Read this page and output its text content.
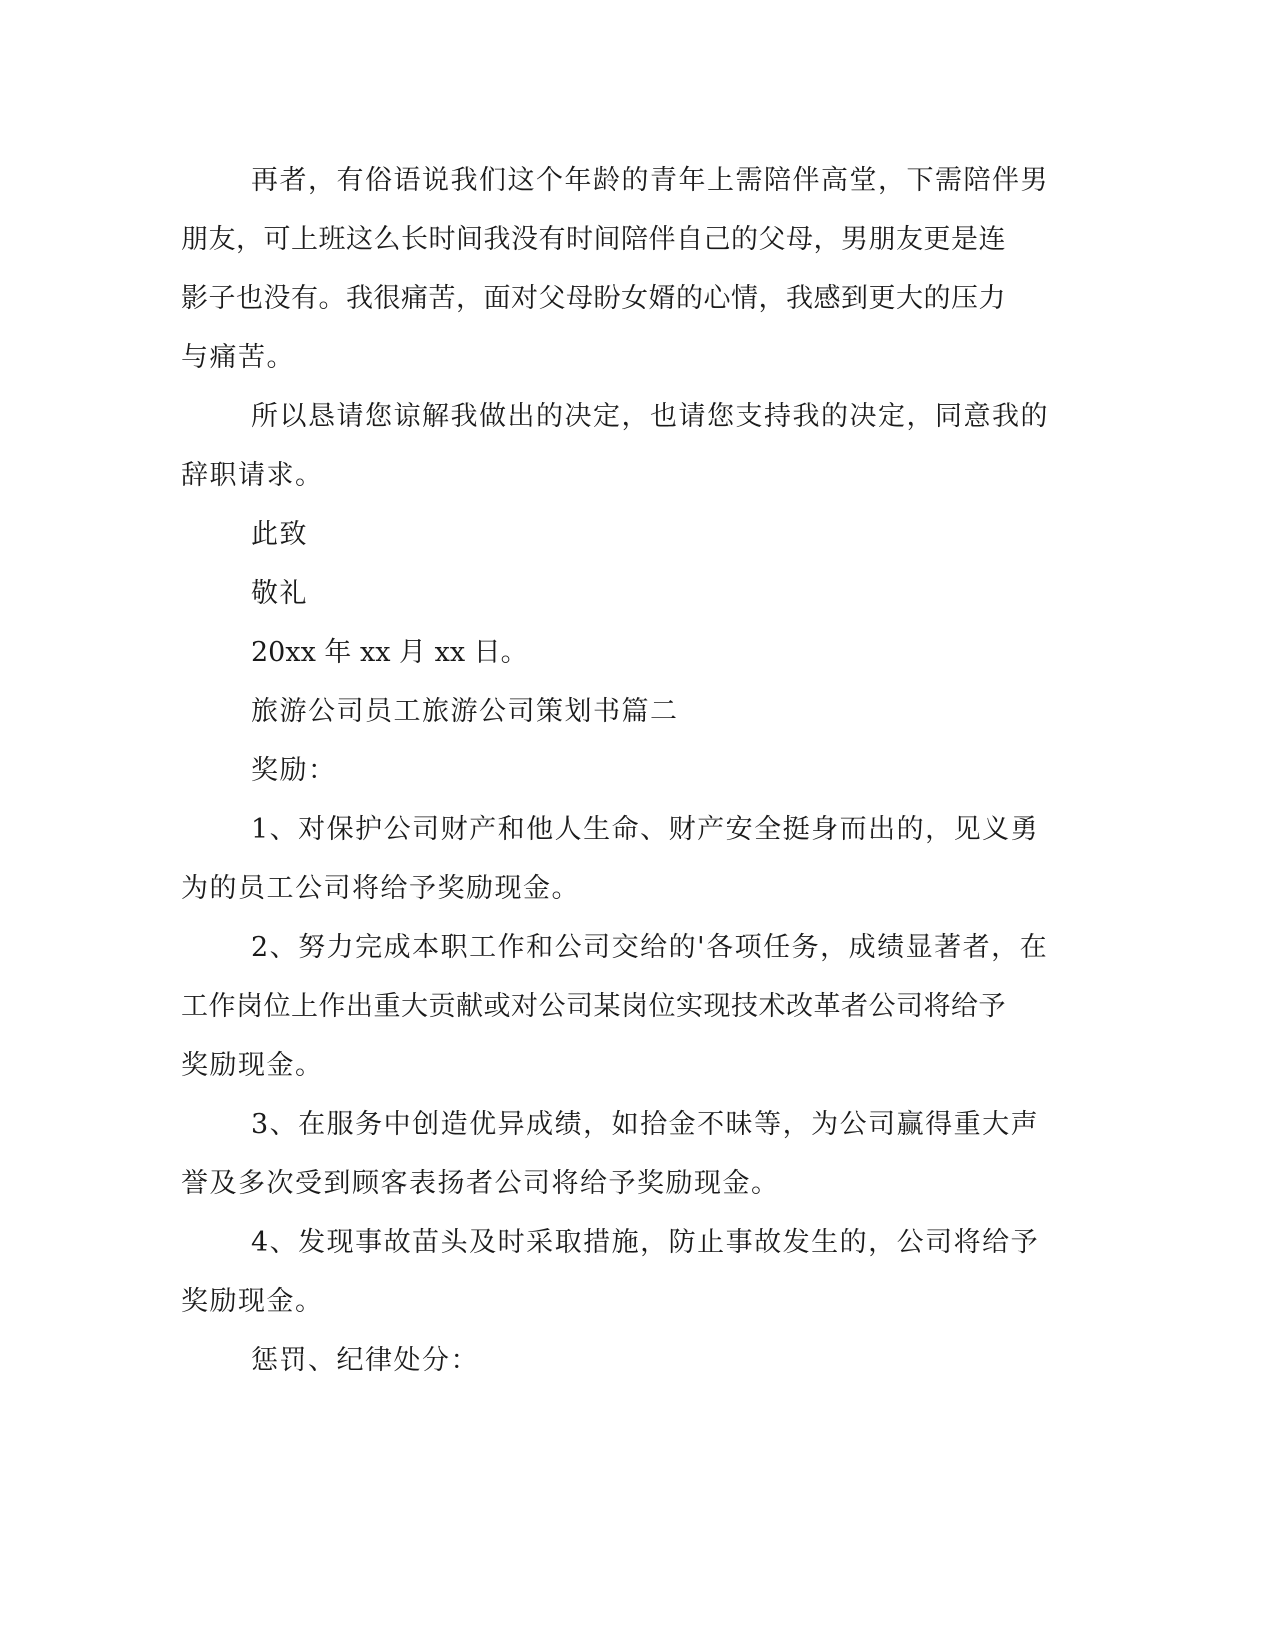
再者，有俗语说我们这个年龄的青年上需陪伴高堂，下需陪伴男
朋友，可上班这么长时间我没有时间陪伴自己的父母，男朋友更是连
影子也没有。我很痛苦，面对父母盼女婿的心情，我感到更大的压力
与痛苦。
所以恳请您谅解我做出的决定，也请您支持我的决定，同意我的
辞职请求。
此致
敬礼
20xx 年 xx 月 xx 日。
旅游公司员工旅游公司策划书篇二
奖励：
1、对保护公司财产和他人生命、财产安全挺身而出的，见义勇
为的员工公司将给予奖励现金。
2、努力完成本职工作和公司交给的'各项任务，成绩显著者，在
工作岗位上作出重大贡献或对公司某岗位实现技术改革者公司将给予
奖励现金。
3、在服务中创造优异成绩，如拾金不昧等，为公司赢得重大声
誉及多次受到顾客表扬者公司将给予奖励现金。
4、发现事故苗头及时采取措施，防止事故发生的，公司将给予
奖励现金。
惩罚、纪律处分：
